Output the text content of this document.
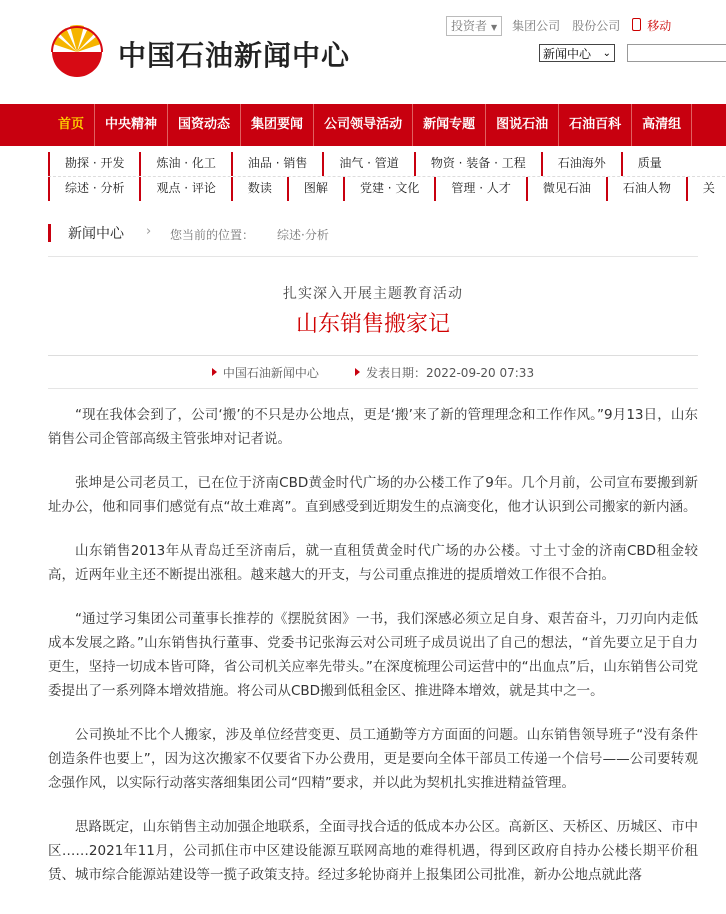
中国石油新闻中心
投资者 ▼ 集团公司 股份公司 移动
新闻中心 ⌄
首页	中央精神	国资动态	集团要闻	公司领导活动	新闻专题	图说石油	石油百科	高清组
勘探 · 开发	炼油 · 化工	油品 · 销售	油气 · 管道	物资 · 装备 · 工程	石油海外	质量
综述 · 分析	观点 · 评论	数读	图解	党建 · 文化	管理 · 人才	微见石油	石油人物	关
新闻中心 › 您当前的位置： 综述·分析
扎实深入开展主题教育活动
山东销售搬家记
中国石油新闻中心	发表日期：2022-09-20 07:33

“现在我体会到了，公司‘搬’的不只是办公地点，更是‘搬’来了新的管理理念和工作作风。”9月13日，山东销售公司企管部高级主管张坤对记者说。

张坤是公司老员工，已在位于济南CBD黄金时代广场的办公楼工作了9年。几个月前，公司宣布要搬到新址办公，他和同事们感觉有点“故土难离”。直到感受到近期发生的点滴变化，他才认识到公司搬家的新内涵。

山东销售2013年从青岛迁至济南后，就一直租赁黄金时代广场的办公楼。寸土寸金的济南CBD租金较高，近两年业主还不断提出涨租。越来越大的开支，与公司重点推进的提质增效工作很不合拍。

“通过学习集团公司董事长推荐的《摆脱贫困》一书，我们深感必须立足自身、艰苦奋斗，刀刃向内走低成本发展之路。”山东销售执行董事、党委书记张海云对公司班子成员说出了自己的想法，“首先要立足于自力更生，坚持一切成本皆可降，省公司机关应率先带头。”在深度梳理公司运营中的“出血点”后，山东销售公司党委提出了一系列降本增效措施。将公司从CBD搬到低租金区、推进降本增效，就是其中之一。

公司换址不比个人搬家，涉及单位经营变更、员工通勤等方方面面的问题。山东销售领导班子“没有条件创造条件也要上”，因为这次搬家不仅要省下办公费用，更是要向全体干部员工传递一个信号——公司要转观念强作风，以实际行动落实落细集团公司“四精”要求，并以此为契机扎实推进精益管理。

思路既定，山东销售主动加强企地联系，全面寻找合适的低成本办公区。高新区、天桥区、历城区、市中区……2021年11月，公司抓住市中区建设能源互联网高地的难得机遇，得到区政府自持办公楼长期平价租赁、城市综合能源站建设等一揽子政策支持。经过多轮协商并上报集团公司批准，新办公地点就此落
